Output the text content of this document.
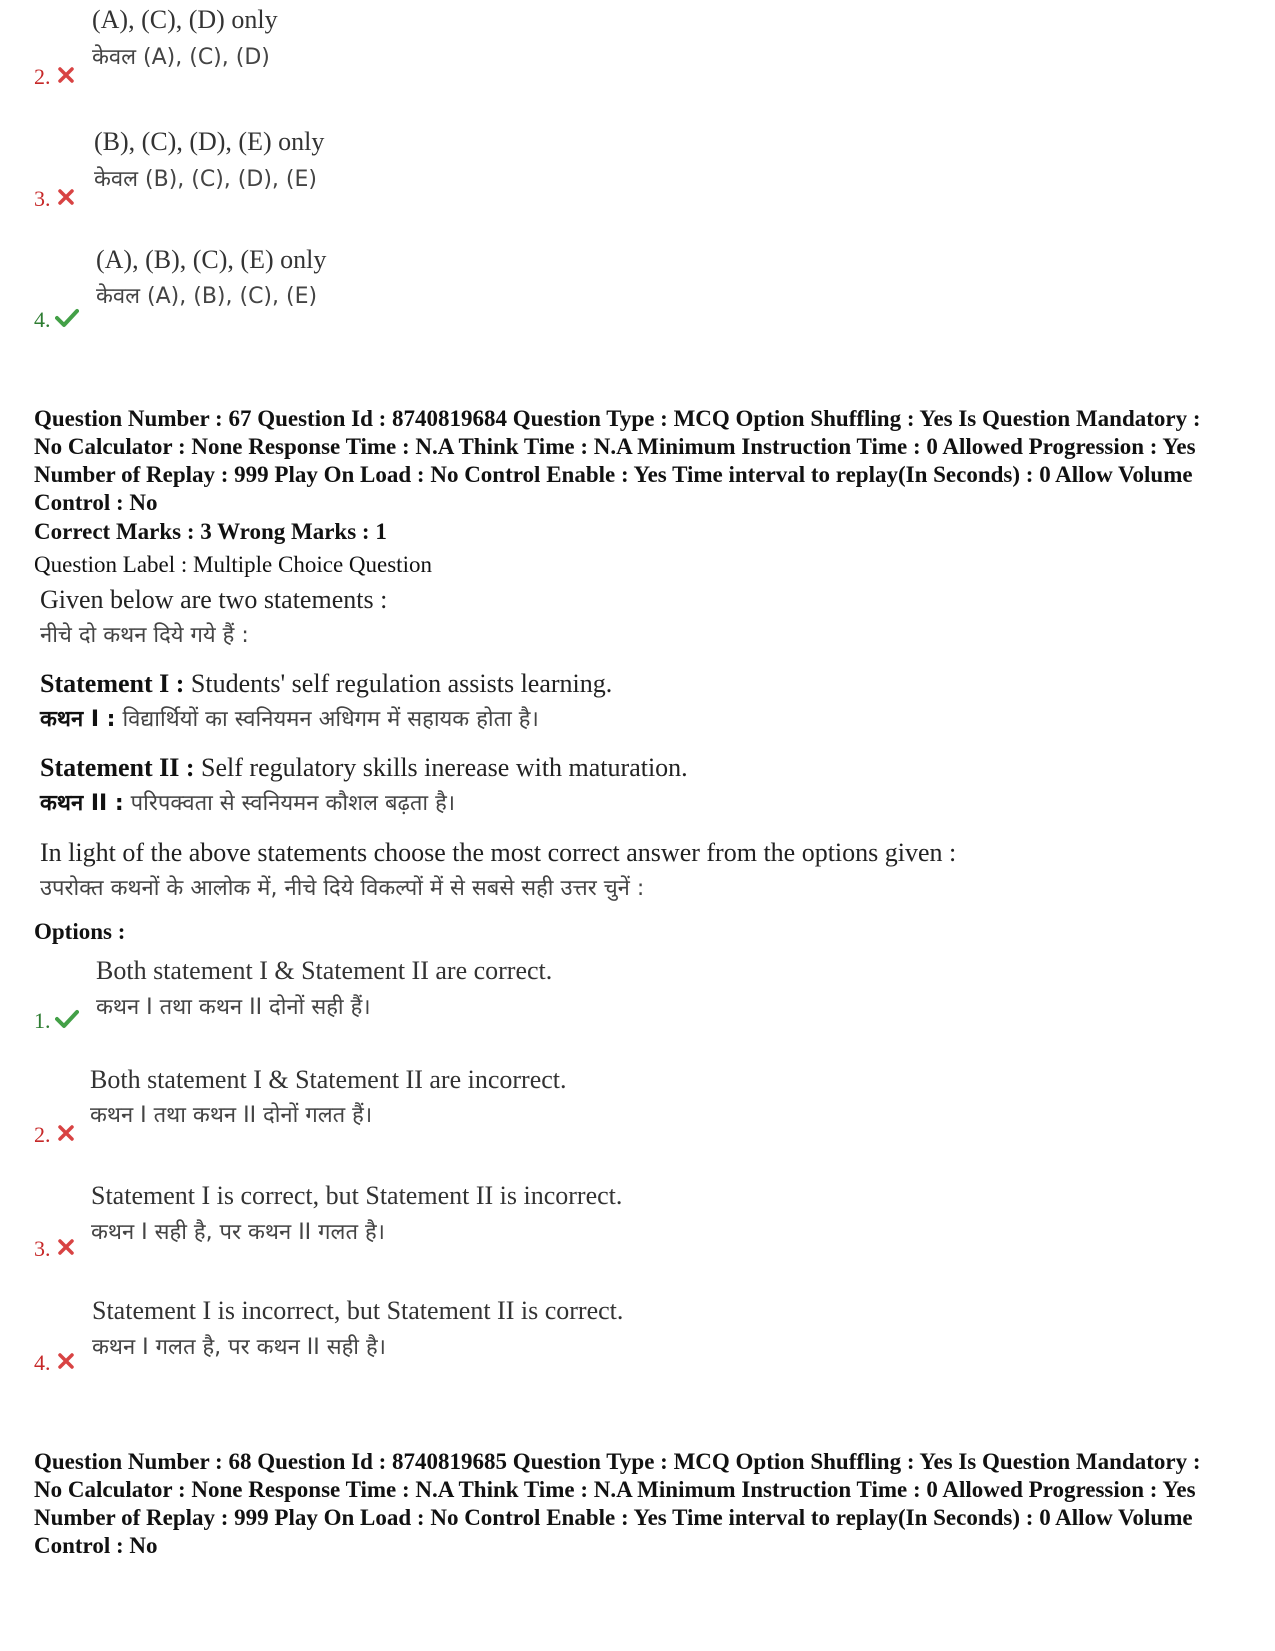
(A), (C), (D) only
केवल (A), (C), (D)
2.
(B), (C), (D), (E) only
केवल (B), (C), (D), (E)
3.
(A), (B), (C), (E) only
केवल (A), (B), (C), (E)
4.
Question Number : 67 Question Id : 8740819684 Question Type : MCQ Option Shuffling : Yes Is Question Mandatory : No Calculator : None Response Time : N.A Think Time : N.A Minimum Instruction Time : 0 Allowed Progression : Yes Number of Replay : 999 Play On Load : No Control Enable : Yes Time interval to replay(In Seconds) : 0 Allow Volume Control : No
Correct Marks : 3 Wrong Marks : 1
Question Label : Multiple Choice Question
Given below are two statements :
नीचे दो कथन दिये गये हैं :
Statement I : Students' self regulation assists learning.
कथन I : विद्यार्थियों का स्वनियमन अधिगम में सहायक होता है।
Statement II : Self regulatory skills inerease with maturation.
कथन II : परिपक्वता से स्वनियमन कौशल बढ़ता है।
In light of the above statements choose the most correct answer from the options given :
उपरोक्त कथनों के आलोक में, नीचे दिये विकल्पों में से सबसे सही उत्तर चुनें :
Options :
Both statement I & Statement II are correct.
कथन I तथा कथन II दोनों सही हैं।
1.
Both statement I & Statement II are incorrect.
कथन I तथा कथन II दोनों गलत हैं।
2.
Statement I is correct, but Statement II is incorrect.
कथन I सही है, पर कथन II गलत है।
3.
Statement I is incorrect, but Statement II is correct.
कथन I गलत है, पर कथन II सही है।
4.
Question Number : 68 Question Id : 8740819685 Question Type : MCQ Option Shuffling : Yes Is Question Mandatory : No Calculator : None Response Time : N.A Think Time : N.A Minimum Instruction Time : 0 Allowed Progression : Yes Number of Replay : 999 Play On Load : No Control Enable : Yes Time interval to replay(In Seconds) : 0 Allow Volume Control : No
